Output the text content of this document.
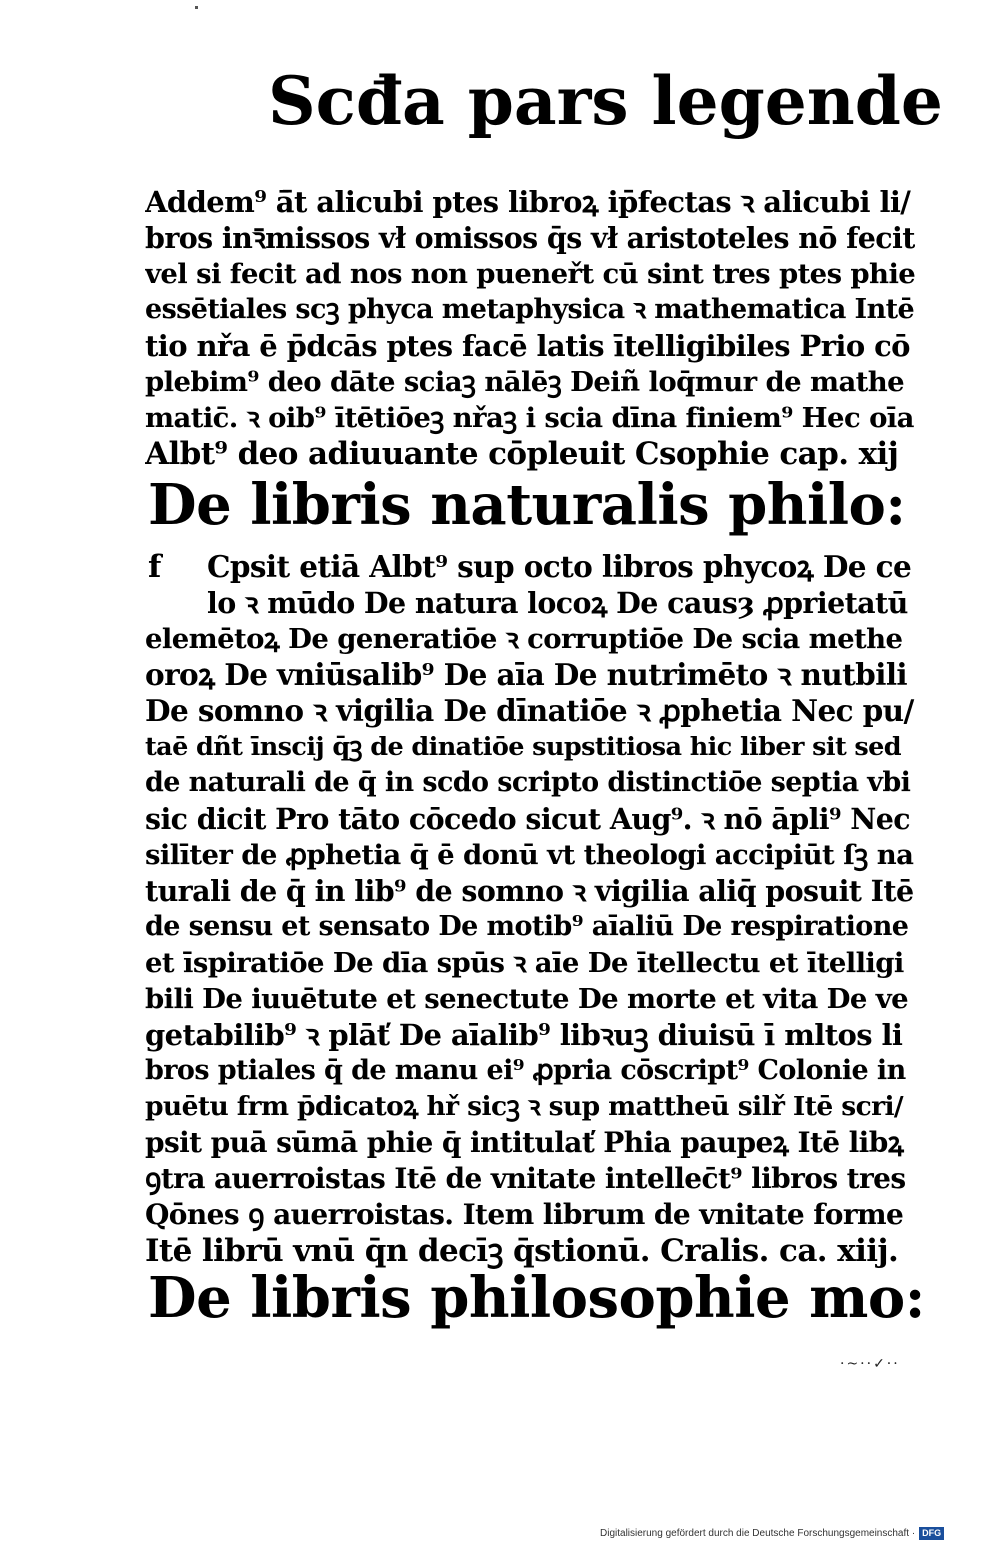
Scđa pars legende
Addem⁹ ā̄t alicubi ptes libroꝝ ip̄fectas ꝛ alicubi li/
bros inꝛ̄missos vł omissos q̄s vł aristoteles nō fecit
vel si fecit ad nos non pueneřt cū sint tres ptes phie
essētiales scꝫ phyca metaphysica ꝛ mathematica Intē
tio nřa ē p̄dcās ptes facē latis ītelligibiles Prio cō
plebim⁹ deo dāte sciaꝫ nālēꝫ Deiñ loq̄mur de mathe
matic̄. ꝛ oib⁹ ītētiōeꝫ nřaꝫ i scia dīna finiem⁹ Hec oīa
Albt⁹ deo adiuuante cōpleuit Csophie cap. xij
De libris naturalis philo:
f	Cpsit etiā Albt⁹ sup octo libros phycoꝝ De ce
lo ꝛ mūdo De natura locoꝝ De causȝ ꝓprietatū
elemētoꝝ De generatiōe ꝛ corruptiōe De scia methe
oroꝝ De vniūsalib⁹ De aīa De nutrimēto ꝛ nutbili
De somno ꝛ vigilia De dīnatiōe ꝛ ꝓphetia Nec pu/
taē dñt īnscij q̄ꝫ de dinatiōe supstitiosa hic liber sit sed
de naturali de q̄ in scdo scripto distinctiōe septia vbi
sic dicit Pro tāto cōcedo sicut Aug⁹. ꝛ nō āpli⁹ Nec
silīter de ꝓphetia q̄ ē donū vt theologi accipiūt ſꝫ na
turali de q̄ in lib⁹ de somno ꝛ vigilia aliq̄ posuit Itē
de sensu et sensato De motib⁹ aīaliū De respiratione
et īspiratiōe De dīa spūs ꝛ aīe De ītellectu et ītelligi
bili De iuuētute et senectute De morte et vita De ve
getabilib⁹ ꝛ plāť De aīalib⁹ libꝛuꝫ diuisū ī mltos li
bros ptiales q̄ de manu ei⁹ ꝓpria cōscript⁹ Colonie in
puētu frm p̄dicatoꝝ hř sicꝫ ꝛ sup mattheū silř Itē scri/
psit puā sūmā phie q̄ intitulať Phia paupeꝝ Itē libꝝ
ꝯtra auerroistas Itē de vnitate intellec̄t⁹ libros tres
Qōnes ꝯ auerroistas. Item librum de vnitate forme
Itē librū vnū q̄n decīꝫ q̄stionū. Cralis. ca. xiij.
De libris philosophie mo:
·~··✓··
Digitalisierung gefördert durch die Deutsche Forschungsgemeinschaft · DFG
